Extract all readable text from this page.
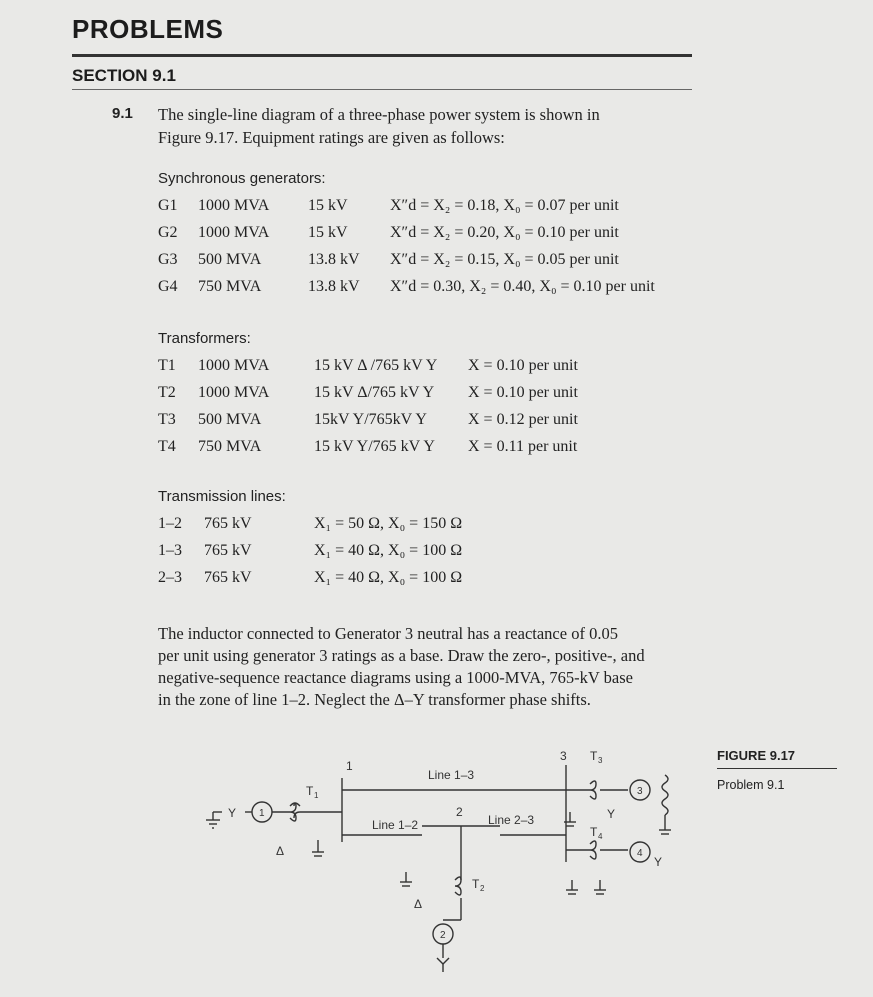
PROBLEMS
SECTION 9.1
9.1 The single-line diagram of a three-phase power system is shown in
Figure 9.17. Equipment ratings are given as follows:
Synchronous generators:
G1 1000 MVA 15 kV	X″d = X₂ = 0.18, X₀ = 0.07 per unit
G2 1000 MVA 15 kV	X″d = X₂ = 0.20, X₀ = 0.10 per unit
G3 500 MVA	13.8 kV X″d = X₂ = 0.15, X₀ = 0.05 per unit
G4 750 MVA	13.8 kV X″d = 0.30, X₂ = 0.40, X₀ = 0.10 per unit
Transformers:
T1 1000 MVA	15 kV Δ /765 kV Y X = 0.10 per unit
T2 1000 MVA	15 kV Δ/765 kV Y X = 0.10 per unit
T3 500 MVA	15kV Y/765kV Y	X = 0.12 per unit
T4 750 MVA	15 kV Y/765 kV Y X = 0.11 per unit
Transmission lines:
1–2 765 kV	X₁ = 50 Ω, X₀ = 150 Ω
1–3 765 kV	X₁ = 40 Ω, X₀ = 100 Ω
2–3 765 kV	X₁ = 40 Ω, X₀ = 100 Ω
The inductor connected to Generator 3 neutral has a reactance of 0.05
per unit using generator 3 ratings as a base. Draw the zero-, positive-, and
negative-sequence reactance diagrams using a 1000-MVA, 765-kV base
in the zone of line 1–2. Neglect the Δ–Y transformer phase shifts.
FIGURE 9.17
Problem 9.1
1
2
3
Line 1–3
Line 1–2	Line 2–3
T 1
T 2
T 3
T 4
1
2
3
4
Δ
Δ
Y	Y
Y
